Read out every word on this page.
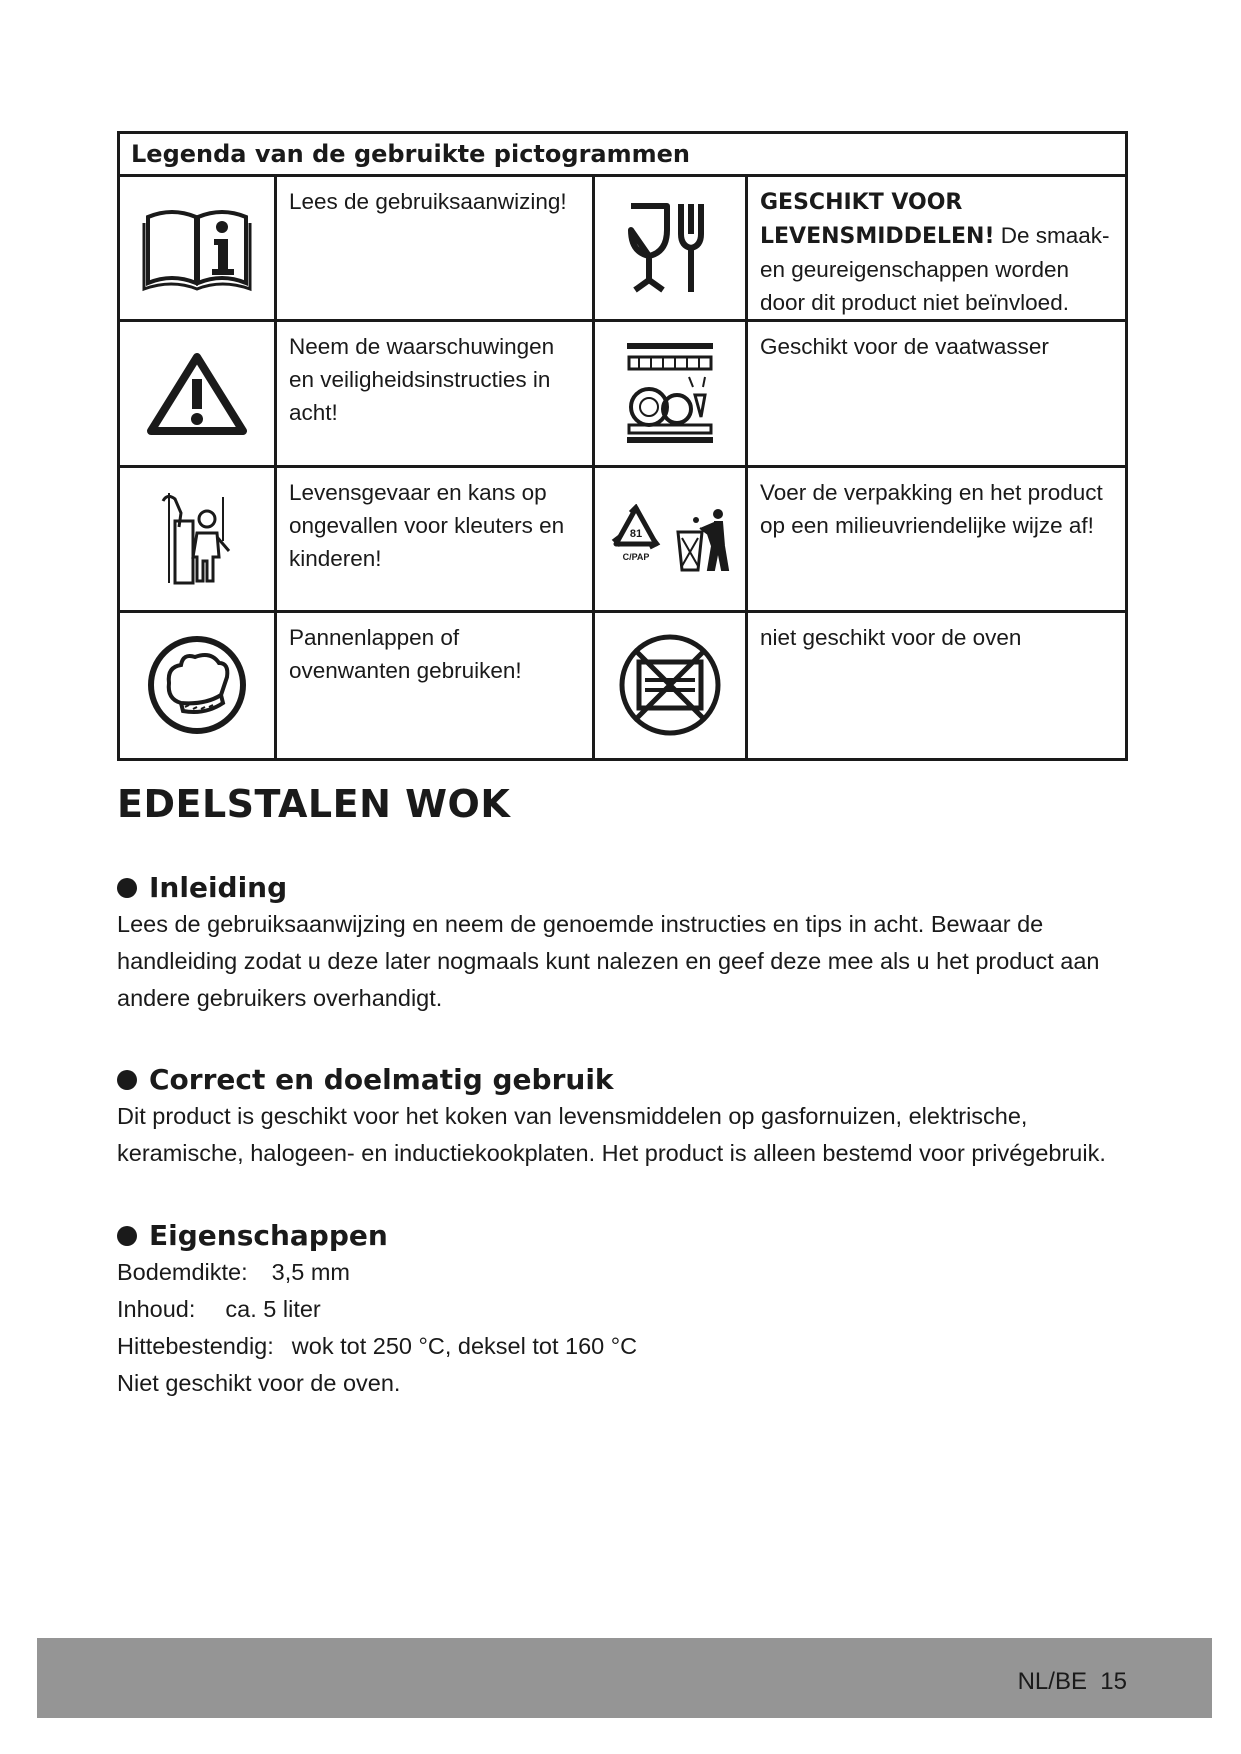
Legenda van de gebruikte pictogrammen
Lees de gebruiksaanwizing!	GESCHIKT VOOR LEVENSMIDDELEN! De smaak- en geureigenschappen worden door dit product niet beïnvloed.
Neem de waarschuwingen en veiligheidsinstructies in acht!
Geschikt voor de vaatwasser
Levensgevaar en kans op ongevallen voor kleuters en kinderen!
81
C/PAP
Voer de verpakking en het product op een milieuvriendelijke wijze af!
Pannenlappen of ovenwanten gebruiken!
niet geschikt voor de oven
EDELSTALEN WOK
Inleiding

Lees de gebruiksaanwijzing en neem de genoemde instructies en tips in acht. Bewaar de handleiding zodat u deze later nogmaals kunt nalezen en geef deze mee als u het product aan andere gebruikers overhandigt.

Correct en doelmatig gebruik

Dit product is geschikt voor het koken van levensmiddelen op gasfornuizen, elektrische, keramische, halogeen- en inductiekookplaten. Het product is alleen bestemd voor privégebruik.

Eigenschappen
Bodemdikte: 3,5 mm
Inhoud: ca. 5 liter
Hittebestendig: wok tot 250 °C, deksel tot 160 °C
Niet geschikt voor de oven.
NL/BE  15
